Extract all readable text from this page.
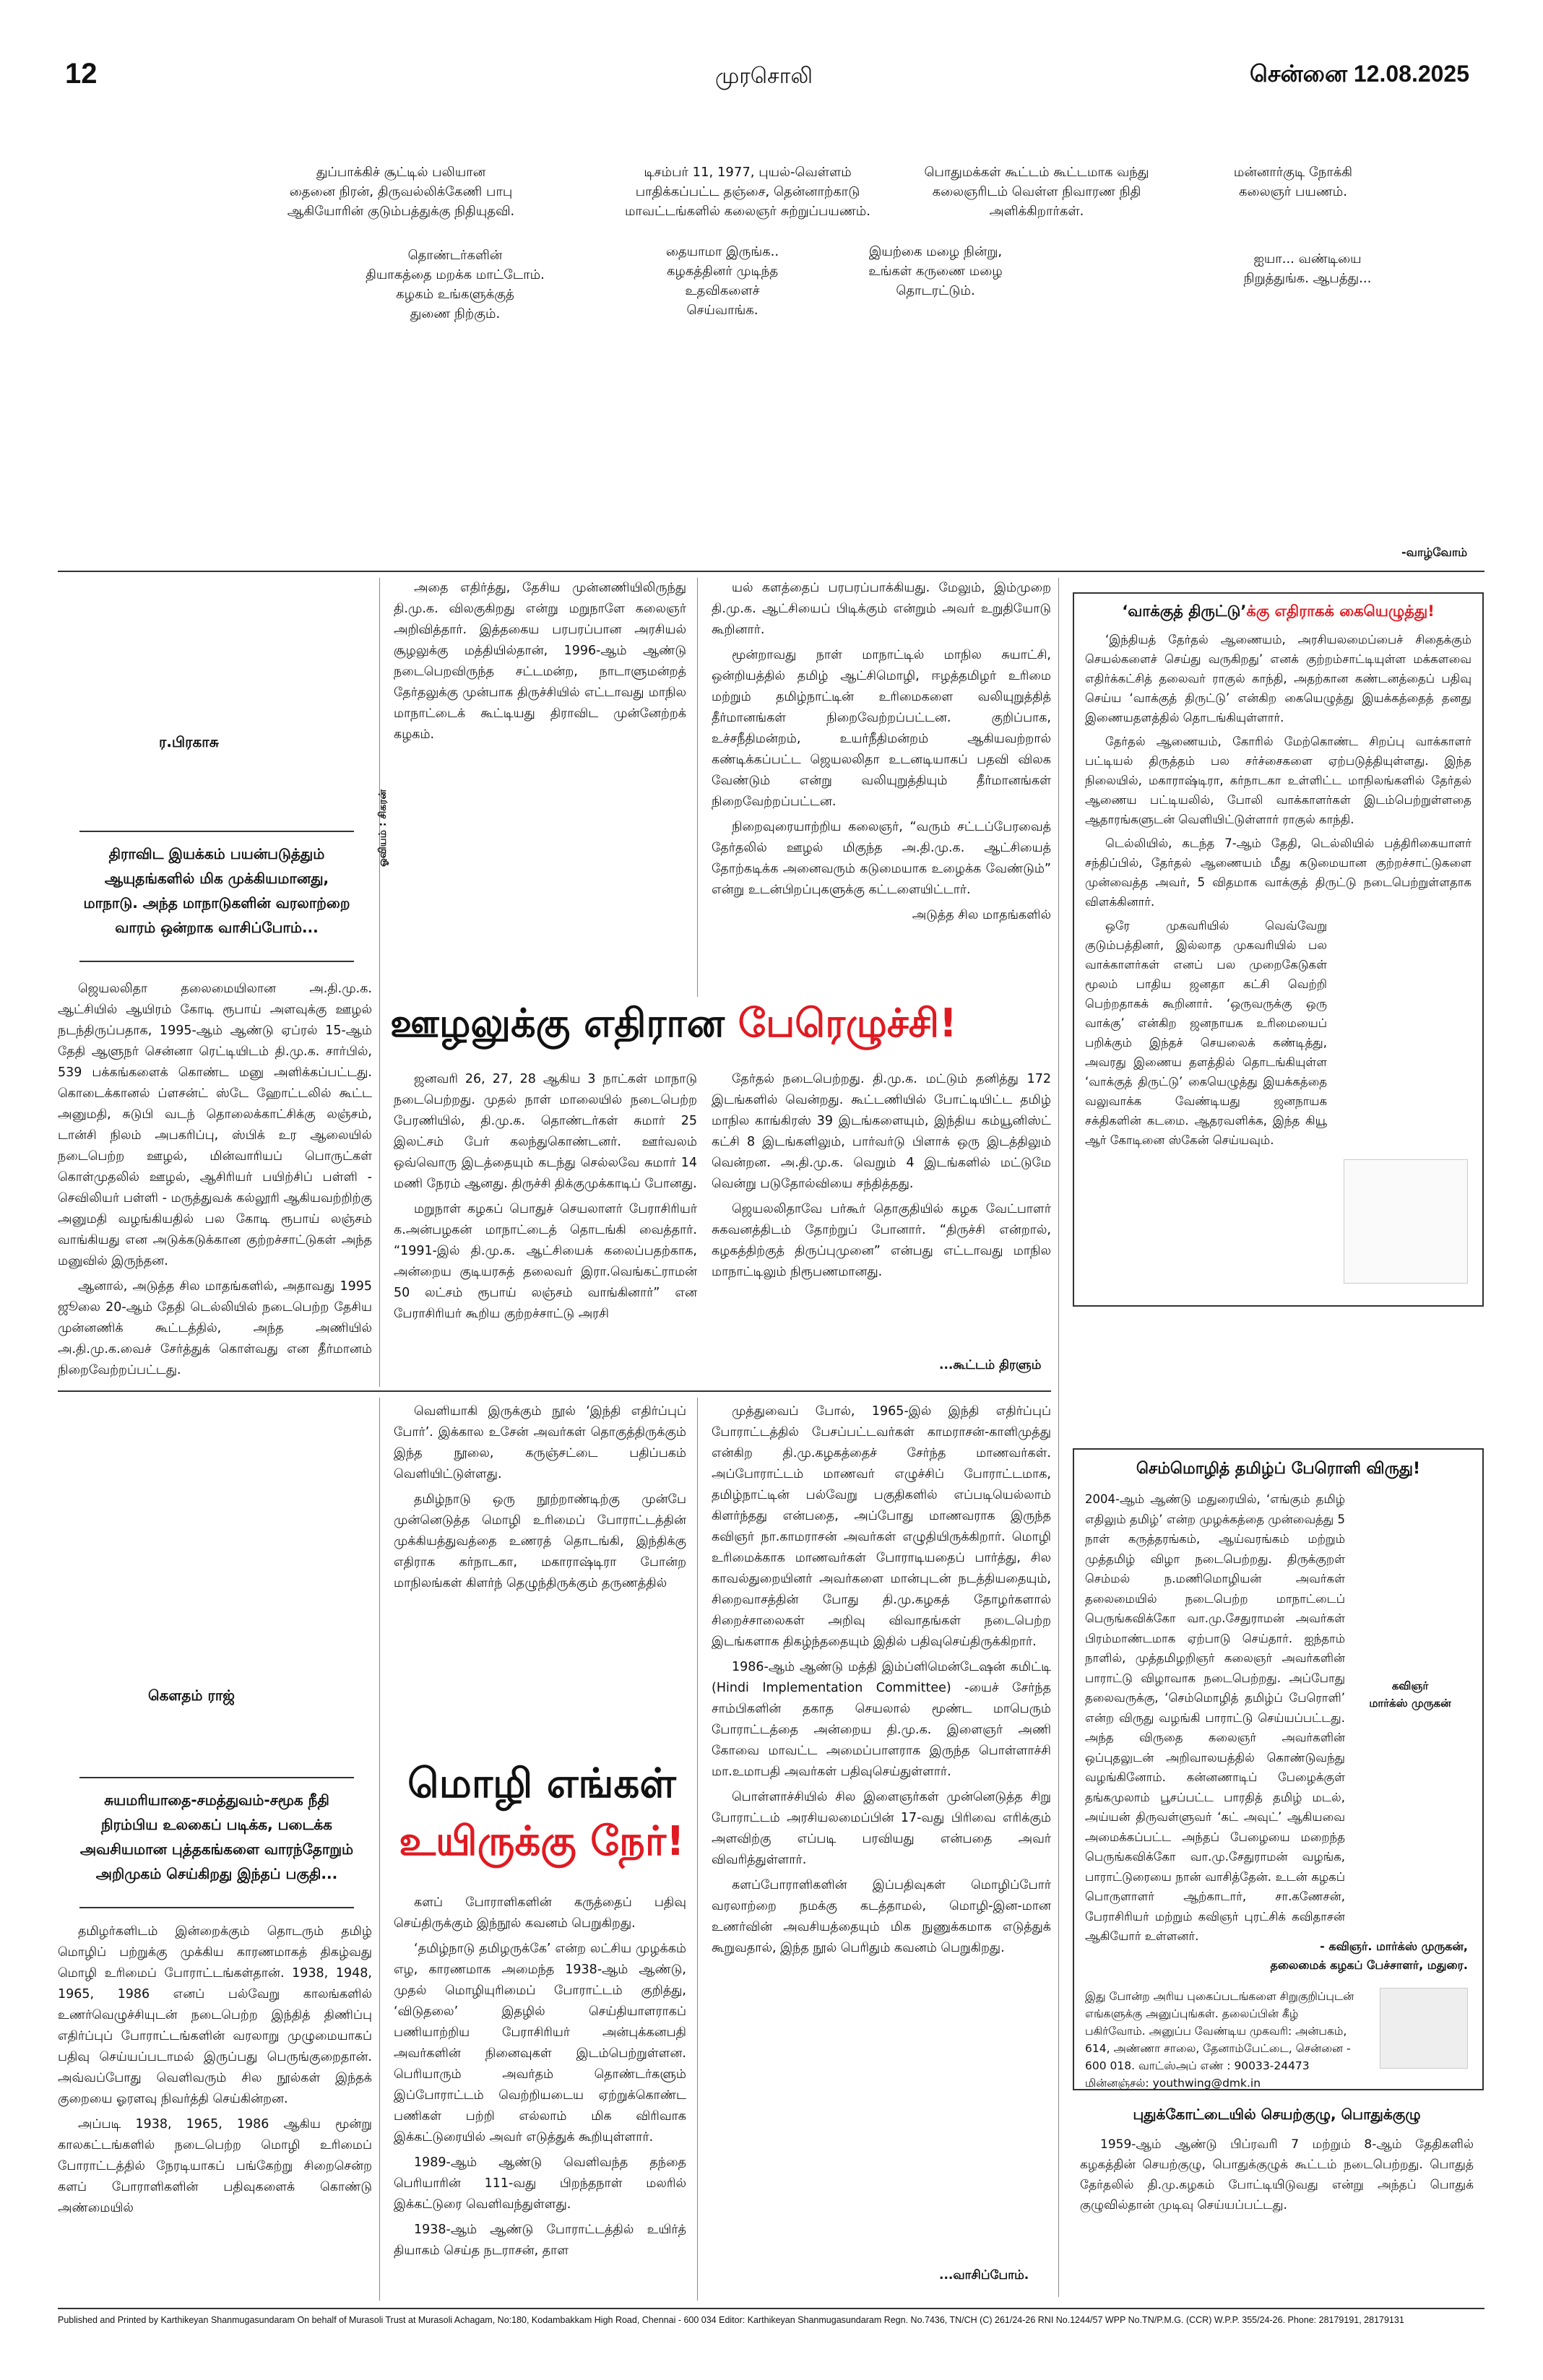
12	முரசொலி	சென்னை 12.08.2025
துப்பாக்கிச் சூட்டில் பலியான
தைனை நிரன், திருவல்லிக்கேணி பாபு
ஆகியோரின் குடும்பத்துக்கு நிதியுதவி.
டிசம்பர் 11, 1977, புயல்-வெள்ளம்
பாதிக்கப்பட்ட தஞ்சை, தென்னாற்காடு
மாவட்டங்களில் கலைஞர் சுற்றுப்பயணம்.
பொதுமக்கள் கூட்டம் கூட்டமாக வந்து
கலைஞரிடம் வெள்ள நிவாரண நிதி
அளிக்கிறார்கள்.
மன்னார்குடி நோக்கி
கலைஞர் பயணம்.
தொண்டர்களின்
தியாகத்தை மறக்க மாட்டோம்.
கழகம் உங்களுக்குத்
துணை நிற்கும்.
தையாமா இருங்க..
கழகத்தினர் முடிந்த
உதவிகளைச்
செய்வாங்க.
இயற்கை மழை நின்று,
உங்கள் கருணை மழை
தொடரட்டும்.
ஐயா... வண்டியை
நிறுத்துங்க. ஆபத்து...
-வாழ்வோம்
ர.பிரகாசு
திராவிட இயக்கம் பயன்படுத்தும் ஆயுதங்களில் மிக முக்கியமானது, மாநாடு. அந்த மாநாடுகளின் வரலாற்றை வாரம் ஒன்றாக வாசிப்போம்...

ஜெயலலிதா தலைமையிலான அ.தி.மு.க. ஆட்சியில் ஆயிரம் கோடி ரூபாய் அளவுக்கு ஊழல் நடந்திருப்பதாக, 1995-ஆம் ஆண்டு ஏப்ரல் 15-ஆம் தேதி ஆளுநர் சென்னா ரெட்டியிடம் தி.மு.க. சார்பில், 539 பக்கங்களைக் கொண்ட மனு அளிக்கப்பட்டது. கொடைக்கானல் ப்ளசன்ட் ஸ்டே ஹோட்டலில் கூட்ட அனுமதி, சுடுபி வடந் தொலைக்காட்சிக்கு லஞ்சம், டான்சி நிலம் அபகரிப்பு, ஸ்பிக் உர ஆலையில் நடைபெற்ற ஊழல், மின்வாரியப் பொருட்கள் கொள்முதலில் ஊழல், ஆசிரியர் பயிற்சிப் பள்ளி - செவிலியர் பள்ளி - மருத்துவக் கல்லூரி ஆகியவற்றிற்கு அனுமதி வழங்கியதில் பல கோடி ரூபாய் லஞ்சம் வாங்கியது என அடுக்கடுக்கான குற்றச்சாட்டுகள் அந்த மனுவில் இருந்தன.

ஆனால், அடுத்த சில மாதங்களில், அதாவது 1995 ஜூலை 20-ஆம் தேதி டெல்லியில் நடைபெற்ற தேசிய முன்னணிக் கூட்டத்தில், அந்த அணியில் அ.தி.மு.க.வைச் சேர்த்துக் கொள்வது என தீர்மானம் நிறைவேற்றப்பட்டது.

அதை எதிர்த்து, தேசிய முன்னணியிலிருந்து தி.மு.க. விலகுகிறது என்று மறுநாளே கலைஞர் அறிவித்தார். இத்தகைய பரபரப்பான அரசியல் சூழலுக்கு மத்தியில்தான், 1996-ஆம் ஆண்டு நடைபெறவிருந்த சட்டமன்ற, நாடாளுமன்றத் தேர்தலுக்கு முன்பாக திருச்சியில் எட்டாவது மாநில மாநாட்டைக் கூட்டியது திராவிட முன்னேற்றக் கழகம்.

ஓவியம் : சிகரன்

யல் களத்தைப் பரபரப்பாக்கியது. மேலும், இம்முறை தி.மு.க. ஆட்சியைப் பிடிக்கும் என்றும் அவர் உறுதியோடு கூறினார்.

மூன்றாவது நாள் மாநாட்டில் மாநில சுயாட்சி, ஒன்றியத்தில் தமிழ் ஆட்சிமொழி, ஈழத்தமிழர் உரிமை மற்றும் தமிழ்நாட்டின் உரிமைகளை வலியுறுத்தித் தீர்மானங்கள் நிறைவேற்றப்பட்டன. குறிப்பாக, உச்சநீதிமன்றம், உயர்நீதிமன்றம் ஆகியவற்றால் கண்டிக்கப்பட்ட ஜெயலலிதா உடனடியாகப் பதவி விலக வேண்டும் என்று வலியுறுத்தியும் தீர்மானங்கள் நிறைவேற்றப்பட்டன.

நிறைவுரையாற்றிய கலைஞர், “வரும் சட்டப்பேரவைத் தேர்தலில் ஊழல் மிகுந்த அ.தி.மு.க. ஆட்சியைத் தோற்கடிக்க அனைவரும் கடுமையாக உழைக்க வேண்டும்” என்று உடன்பிறப்புகளுக்கு கட்டளையிட்டார்.

அடுத்த சில மாதங்களில்

ஊழலுக்கு எதிரான பேரெழுச்சி!

ஜனவரி 26, 27, 28 ஆகிய 3 நாட்கள் மாநாடு நடைபெற்றது. முதல் நாள் மாலையில் நடைபெற்ற பேரணியில், தி.மு.க. தொண்டர்கள் சுமார் 25 இலட்சம் பேர் கலந்துகொண்டனர். ஊர்வலம் ஒவ்வொரு இடத்தையும் கடந்து செல்லவே சுமார் 14 மணி நேரம் ஆனது. திருச்சி திக்குமுக்காடிப் போனது.

மறுநாள் கழகப் பொதுச் செயலாளர் பேராசிரியர் க.அன்பழகன் மாநாட்டைத் தொடங்கி வைத்தார். “1991-இல் தி.மு.க. ஆட்சியைக் கலைப்பதற்காக, அன்றைய குடியரசுத் தலைவர் இரா.வெங்கட்ராமன் 50 லட்சம் ரூபாய் லஞ்சம் வாங்கினார்” என பேராசிரியர் கூறிய குற்றச்சாட்டு அரசி

தேர்தல் நடைபெற்றது. தி.மு.க. மட்டும் தனித்து 172 இடங்களில் வென்றது. கூட்டணியில் போட்டியிட்ட தமிழ் மாநில காங்கிரஸ் 39 இடங்களையும், இந்திய கம்யூனிஸ்ட் கட்சி 8 இடங்களிலும், பார்வர்டு பிளாக் ஒரு இடத்திலும் வென்றன. அ.தி.மு.க. வெறும் 4 இடங்களில் மட்டுமே வென்று படுதோல்வியை சந்தித்தது.

ஜெயலலிதாவே பர்கூர் தொகுதியில் கழக வேட்பாளர் சுகவனத்திடம் தோற்றுப் போனார். “திருச்சி என்றால், கழகத்திற்குத் திருப்புமுனை” என்பது எட்டாவது மாநில மாநாட்டிலும் நிரூபணமானது.

...கூட்டம் திரளும்
கௌதம் ராஜ்
சுயமரியாதை-சமத்துவம்-சமூக நீதி நிரம்பிய உலகைப் படிக்க, படைக்க அவசியமான புத்தகங்களை வாரந்தோறும் அறிமுகம் செய்கிறது இந்தப் பகுதி...

தமிழர்களிடம் இன்றைக்கும் தொடரும் தமிழ் மொழிப் பற்றுக்கு முக்கிய காரணமாகத் திகழ்வது மொழி உரிமைப் போராட்டங்கள்தான். 1938, 1948, 1965, 1986 எனப் பல்வேறு காலங்களில் உணர்வெழுச்சியுடன் நடைபெற்ற இந்தித் திணிப்பு எதிர்ப்புப் போராட்டங்களின் வரலாறு முழுமையாகப் பதிவு செய்யப்படாமல் இருப்பது பெருங்குறைதான். அவ்வப்போது வெளிவரும் சில நூல்கள் இந்தக் குறையை ஓரளவு நிவர்த்தி செய்கின்றன.

அப்படி 1938, 1965, 1986 ஆகிய மூன்று காலகட்டங்களில் நடைபெற்ற மொழி உரிமைப் போராட்டத்தில் நேரடியாகப் பங்கேற்று சிறைசென்ற களப் போராளிகளின் பதிவுகளைக் கொண்டு அண்மையில்

வெளியாகி இருக்கும் நூல் ‘இந்தி எதிர்ப்புப் போர்’. இக்கால உசேன் அவர்கள் தொகுத்திருக்கும் இந்த நூலை, கருஞ்சட்டை பதிப்பகம் வெளியிட்டுள்ளது.

தமிழ்நாடு ஒரு நூற்றாண்டிற்கு முன்பே முன்னெடுத்த மொழி உரிமைப் போராட்டத்தின் முக்கியத்துவத்தை உணரத் தொடங்கி, இந்திக்கு எதிராக கர்நாடகா, மகாராஷ்டிரா போன்ற மாநிலங்கள் கிளர்ந் தெழுந்திருக்கும் தருணத்தில்

மொழி எங்கள்
உயிருக்கு நேர்!

களப் போராளிகளின் கருத்தைப் பதிவு செய்திருக்கும் இந்நூல் கவனம் பெறுகிறது.

‘தமிழ்நாடு தமிழருக்கே’ என்ற லட்சிய முழக்கம் எழ, காரணமாக அமைந்த 1938-ஆம் ஆண்டு, முதல் மொழியுரிமைப் போராட்டம் குறித்து, ‘விடுதலை’ இதழில் செய்தியாளராகப் பணியாற்றிய பேராசிரியர் அன்புக்கனபதி அவர்களின் நினைவுகள் இடம்பெற்றுள்ளன. பெரியாரும் அவர்தம் தொண்டர்களும் இப்போராட்டம் வெற்றியடைய ஏற்றுக்கொண்ட பணிகள் பற்றி எல்லாம் மிக விரிவாக இக்கட்டுரையில் அவர் எடுத்துக் கூறியுள்ளார்.

1989-ஆம் ஆண்டு வெளிவந்த தந்தை பெரியாரின் 111-வது பிறந்தநாள் மலரில் இக்கட்டுரை வெளிவந்துள்ளது.

1938-ஆம் ஆண்டு போராட்டத்தில் உயிர்த் தியாகம் செய்த நடராசன், தாள

முத்துவைப் போல், 1965-இல் இந்தி எதிர்ப்புப் போராட்டத்தில் பேசப்பட்டவர்கள் காமராசன்-காளிமுத்து என்கிற தி.மு.கழகத்தைச் சேர்ந்த மாணவர்கள். அப்போராட்டம் மாணவர் எழுச்சிப் போராட்டமாக, தமிழ்நாட்டின் பல்வேறு பகுதிகளில் எப்படியெல்லாம் கிளர்ந்தது என்பதை, அப்போது மாணவராக இருந்த கவிஞர் நா.காமராசன் அவர்கள் எழுதியிருக்கிறார். மொழி உரிமைக்காக மாணவர்கள் போராடியதைப் பார்த்து, சில காவல்துறையினர் அவர்களை மான்புடன் நடத்தியதையும், சிறைவாசத்தின் போது தி.மு.கழகத் தோழர்களால் சிறைச்சாலைகள் அறிவு விவாதங்கள் நடைபெற்ற இடங்களாக திகழ்ந்ததையும் இதில் பதிவுசெய்திருக்கிறார்.

1986-ஆம் ஆண்டு மத்தி இம்ப்ளிமென்டேஷன் கமிட்டி (Hindi Implementation Committee) -யைச் சேர்ந்த சாம்பிகளின் தகாத செயலால் மூண்ட மாபெரும் போராட்டத்தை அன்றைய தி.மு.க. இளைஞர் அணி கோவை மாவட்ட அமைப்பாளராக இருந்த பொள்ளாச்சி மா.உமாபதி அவர்கள் பதிவுசெய்துள்ளார்.

பொள்ளாச்சியில் சில இளைஞர்கள் முன்னெடுத்த சிறு போராட்டம் அரசியலமைப்பின் 17-வது பிரிவை எரிக்கும் அளவிற்கு எப்படி பரவியது என்பதை அவர் விவரித்துள்ளார்.

களப்போராளிகளின் இப்பதிவுகள் மொழிப்போர் வரலாற்றை நமக்கு கடத்தாமல், மொழி-இன-மான உணர்வின் அவசியத்தையும் மிக நுணுக்கமாக எடுத்துக் கூறுவதால், இந்த நூல் பெரிதும் கவனம் பெறுகிறது.

...வாசிப்போம்.
‘வாக்குத் திருட்டு’க்கு எதிராகக் கையெழுத்து!

‘இந்தியத் தேர்தல் ஆணையம், அரசியலமைப்பைச் சிதைக்கும் செயல்களைச் செய்து வருகிறது’ எனக் குற்றம்சாட்டியுள்ள மக்களவை எதிர்க்கட்சித் தலைவர் ராகுல் காந்தி, அதற்கான கண்டனத்தைப் பதிவு செய்ய ‘வாக்குத் திருட்டு’ என்கிற கையெழுத்து இயக்கத்தைத் தனது இணையதளத்தில் தொடங்கியுள்ளார்.

தேர்தல் ஆணையம், கோரில் மேற்கொண்ட சிறப்பு வாக்காளர் பட்டியல் திருத்தம் பல சர்ச்சைகளை ஏற்படுத்தியுள்ளது. இந்த நிலையில், மகாராஷ்டிரா, கர்நாடகா உள்ளிட்ட மாநிலங்களில் தேர்தல் ஆணைய பட்டியலில், போலி வாக்காளர்கள் இடம்பெற்றுள்ளதை ஆதாரங்களுடன் வெளியிட்டுள்ளார் ராகுல் காந்தி.

டெல்லியில், கடந்த 7-ஆம் தேதி, டெல்லியில் பத்திரிகையாளர் சந்திப்பில், தேர்தல் ஆணையம் மீது கடுமையான குற்றச்சாட்டுகளை முன்வைத்த அவர், 5 விதமாக வாக்குத் திருட்டு நடைபெற்றுள்ளதாக விளக்கினார்.

ஒரே முகவரியில் வெவ்வேறு குடும்பத்தினர், இல்லாத முகவரியில் பல வாக்காளர்கள் எனப் பல முறைகேடுகள் மூலம் பாதிய ஜனதா கட்சி வெற்றி பெற்றதாகக் கூறினார். ‘ஒருவருக்கு ஒரு வாக்கு’ என்கிற ஜனநாயக உரிமையைப் பறிக்கும் இந்தச் செயலைக் கண்டித்து, அவரது இணைய தளத்தில் தொடங்கியுள்ள ‘வாக்குத் திருட்டு’ கையெழுத்து இயக்கத்தை வலுவாக்க வேண்டியது ஜனநாயக சக்திகளின் கடமை. ஆதரவளிக்க, இந்த கியூ ஆர் கோடினை ஸ்கேன் செய்யவும்.

செம்மொழித் தமிழ்ப் பேரொளி விருது!
2004-ஆம் ஆண்டு மதுரையில், ‘எங்கும் தமிழ் எதிலும் தமிழ்’ என்ற முழக்கத்தை முன்வைத்து 5 நாள் கருத்தரங்கம், ஆய்வரங்கம் மற்றும் முத்தமிழ் விழா நடைபெற்றது. திருக்குறள் செம்மல் ந.மணிமொழியன் அவர்கள் தலைமையில் நடைபெற்ற மாநாட்டைப் பெருங்கவிக்கோ வா.மு.சேதுராமன் அவர்கள் பிரம்மாண்டமாக ஏற்பாடு செய்தார். ஐந்தாம் நாளில், முத்தமிழறிஞர் கலைஞர் அவர்களின் பாராட்டு விழாவாக நடைபெற்றது. அப்போது தலைவருக்கு, ‘செம்மொழித் தமிழ்ப் பேரொளி’ என்ற விருது வழங்கி பாராட்டு செய்யப்பட்டது. அந்த விருதை கலைஞர் அவர்களின் ஒப்புதலுடன் அறிவாலயத்தில் கொண்டுவந்து வழங்கினோம். கன்னணாடிப் பேழைக்குள் தங்கமுலாம் பூசப்பட்ட பாரதித் தமிழ் மடல், அய்யன் திருவள்ளுவர் ‘கட் அவுட்’ ஆகியவை அமைக்கப்பட்ட அந்தப் பேழையை மறைந்த பெருங்கவிக்கோ வா.மு.சேதுராமன் வழங்க, பாராட்டுரையை நான் வாசித்தேன். உடன் கழகப் பொருளாளர் ஆற்காடார், சா.கணேசன், பேராசிரியர் மற்றும் கவிஞர் புரட்சிக் கவிதாசன் ஆகியோர் உள்ளனர்.
கவிஞர்
மார்க்ஸ் முருகன்
- கவிஞர். மார்க்ஸ் முருகன்,
தலைமைக் கழகப் பேச்சாளர், மதுரை.
இது போன்ற அரிய புகைப்படங்களை சிறுகுறிப்புடன் எங்களுக்கு அனுப்புங்கள். தலைப்பின் கீழ் பகிர்வோம். அனுப்ப வேண்டிய முகவரி: அன்பகம், 614, அண்ணா சாலை, தேனாம்பேட்டை, சென்னை - 600 018. வாட்ஸ்அப் எண் : 90033-24473 மின்னஞ்சல்: youthwing@dmk.in
புதுக்கோட்டையில் செயற்குழு, பொதுக்குழு

1959-ஆம் ஆண்டு பிப்ரவரி 7 மற்றும் 8-ஆம் தேதிகளில் கழகத்தின் செயற்குழு, பொதுக்குழுக் கூட்டம் நடைபெற்றது. பொதுத் தேர்தலில் தி.மு.கழகம் போட்டியிடுவது என்று அந்தப் பொதுக் குழுவில்தான் முடிவு செய்யப்பட்டது.

Published and Printed by Karthikeyan Shanmugasundaram On behalf of Murasoli Trust at Murasoli Achagam, No:180, Kodambakkam High Road, Chennai - 600 034 Editor: Karthikeyan Shanmugasundaram Regn. No.7436, TN/CH (C) 261/24-26 RNI No.1244/57 WPP No.TN/P.M.G. (CCR) W.P.P. 355/24-26. Phone: 28179191, 28179131
